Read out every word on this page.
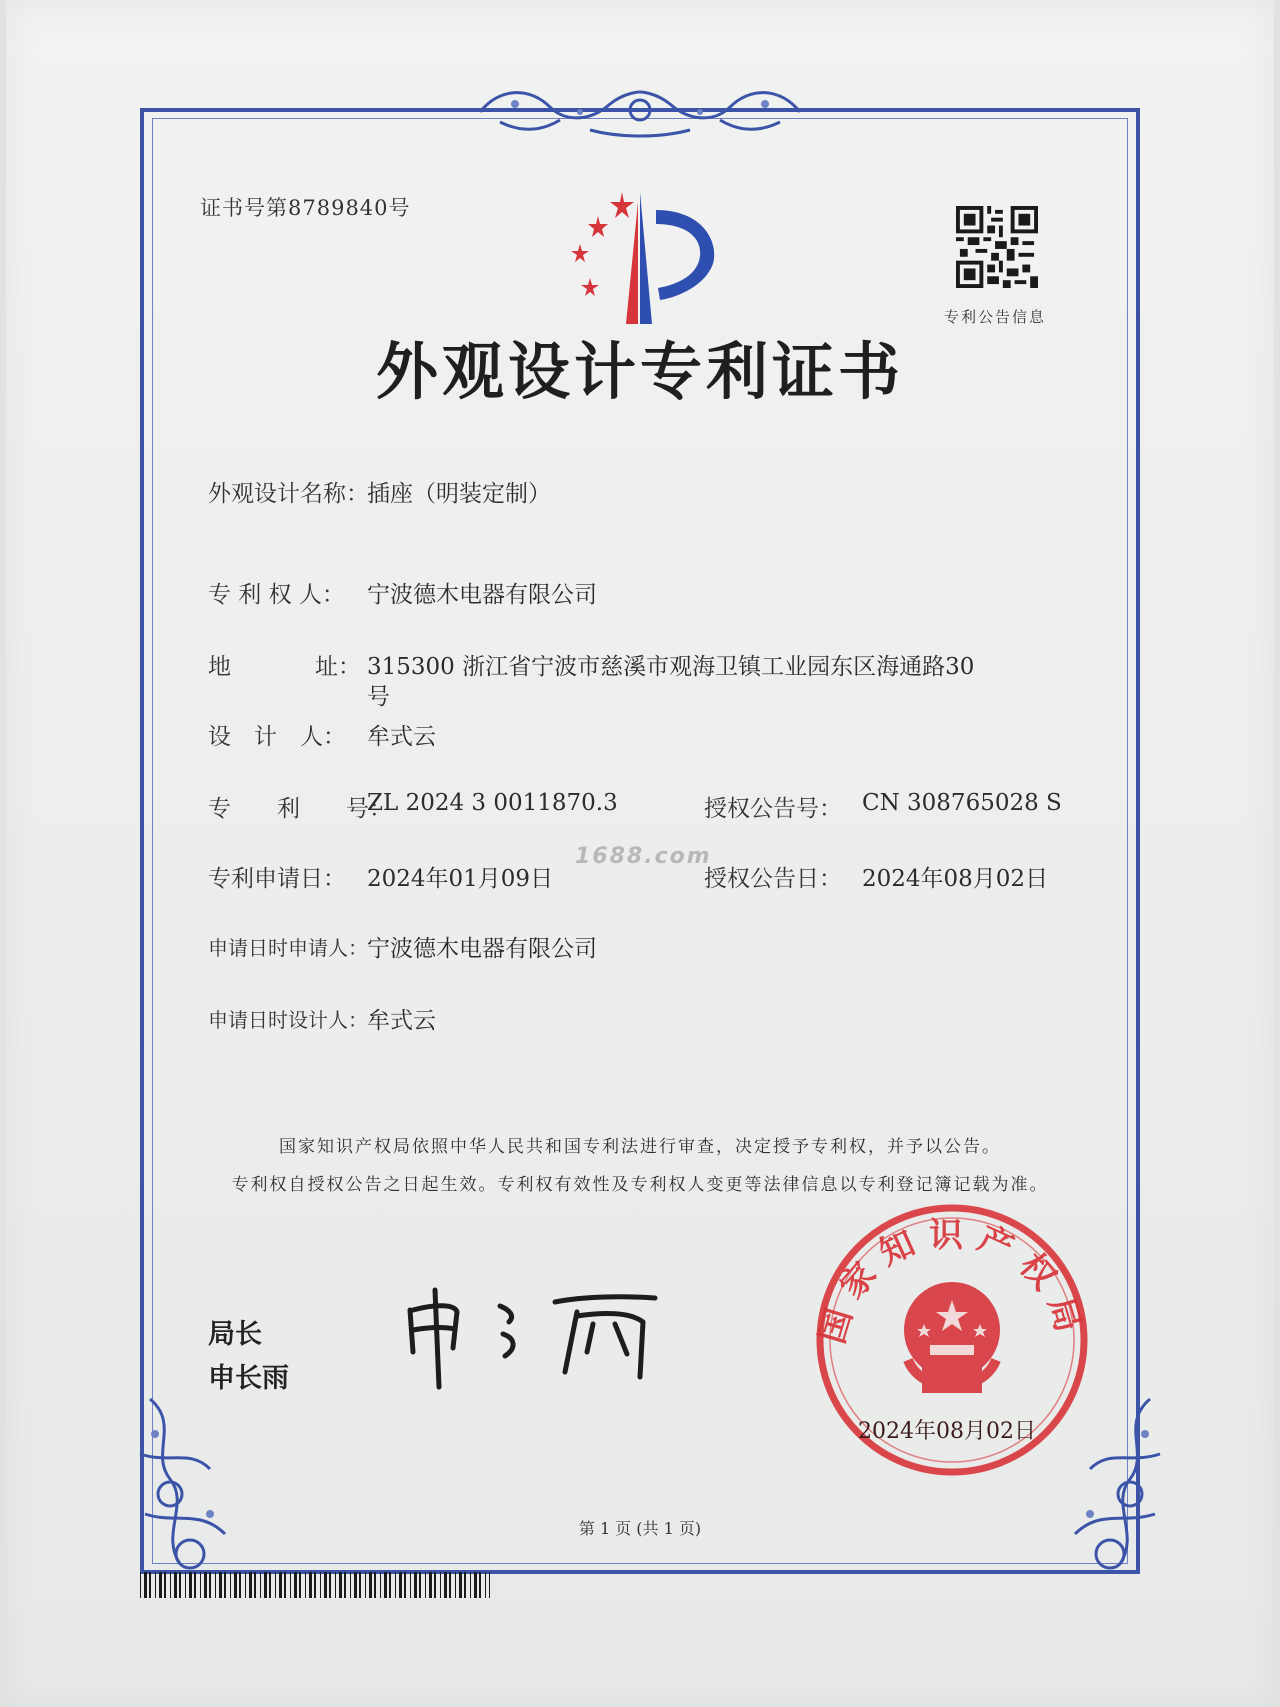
证书号第8789840号
专利公告信息
外观设计专利证书
外观设计名称：
插座（明装定制）
专 利 权 人： 宁波德木电器有限公司
地	址： 315300 浙江省宁波市慈溪市观海卫镇工业园东区海通路30
号
设　计　人： 牟式云
专　　利　　号：
ZL 2024 3 0011870.3	授权公告号： CN 308765028 S
1688.com
专利申请日： 2024年01月09日	授权公告日： 2024年08月02日
申请日时申请人： 宁波德木电器有限公司
申请日时设计人： 牟式云
国家知识产权局依照中华人民共和国专利法进行审查，决定授予专利权，并予以公告。
专利权自授权公告之日起生效。专利权有效性及专利权人变更等法律信息以专利登记簿记载为准。
局长
申长雨
国家知识产权局
2024年08月02日
第 1 页 (共 1 页)
